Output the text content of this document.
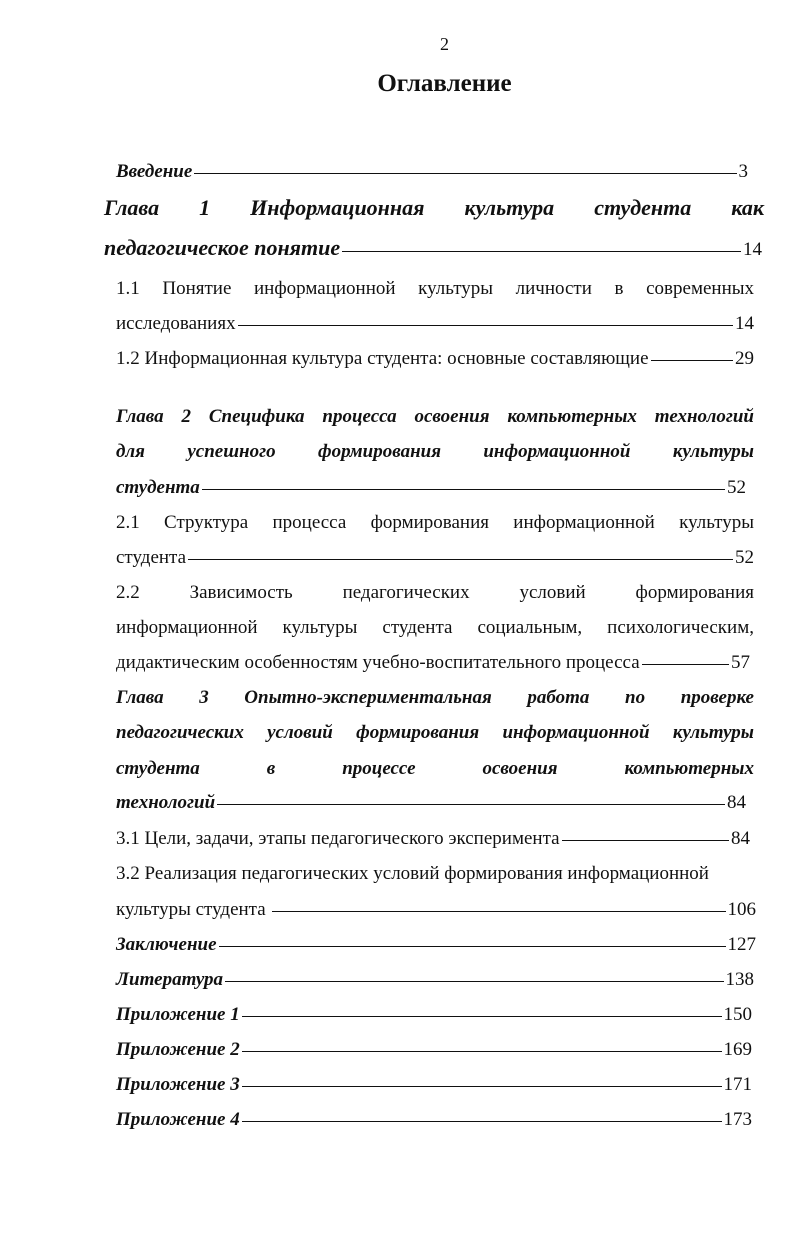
2
Оглавление
Введение	3
Глава 1 Информационная культура студента как
педагогическое понятие	14
1.1 Понятие информационной культуры личности в современных
исследованиях	14
1.2 Информационная культура студента: основные составляющие	29
Глава 2 Специфика процесса освоения компьютерных технологий
для успешного формирования информационной культуры
студента	52
2.1 Структура процесса формирования информационной культуры
студента	52
2.2	Зависимость	педагогических	условий	формирования
информационной культуры студента социальным, психологическим,
дидактическим особенностям учебно-воспитательного процесса	57
Глава 3 Опытно-экспериментальная работа по проверке
педагогических условий формирования информационной культуры
студента	в	процессе	освоения	компьютерных
технологий	84
3.1 Цели, задачи, этапы педагогического эксперимента	84
3.2 Реализация педагогических условий формирования информационной
культуры студента	106
Заключение	127
Литература	138
Приложение 1	150
Приложение 2	169
Приложение 3	171
Приложение 4	173
